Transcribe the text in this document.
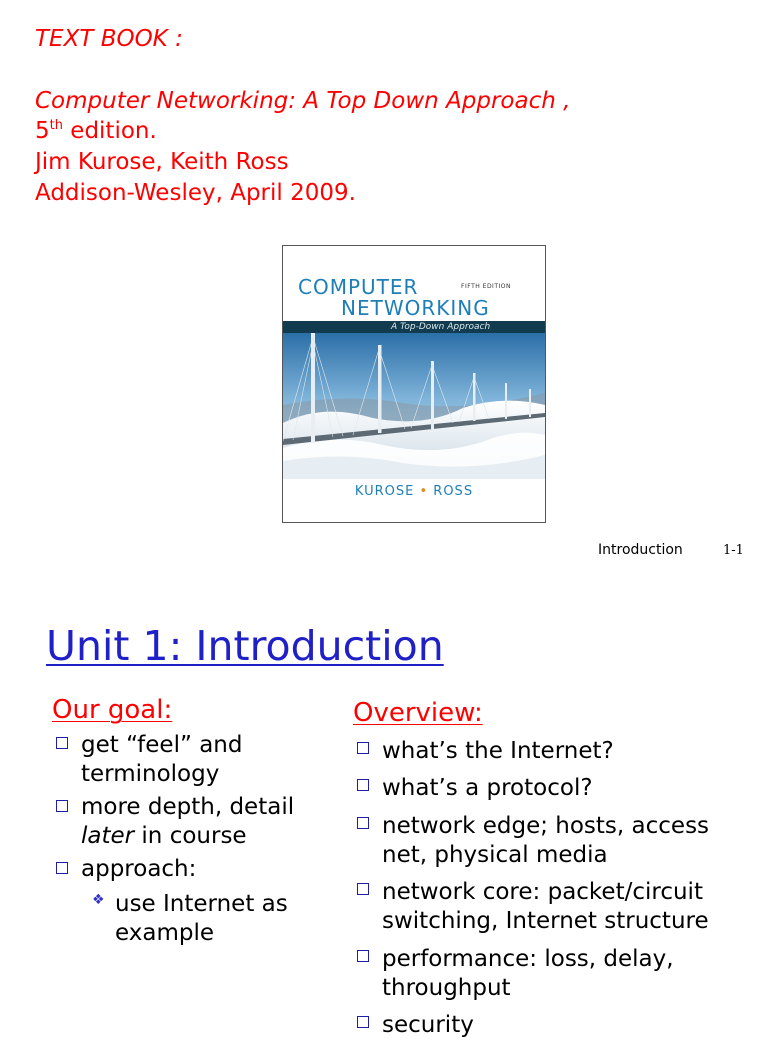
TEXT BOOK :
Computer Networking: A Top Down Approach ,
5th edition.
Jim Kurose, Keith Ross
Addison-Wesley, April 2009.
COMPUTER	FIFTH EDITION
NETWORKING
A Top-Down Approach
KUROSE • ROSS
Introduction	1-1
Unit 1: Introduction
Our goal:
get “feel” and
terminology
more depth, detail
later in course
approach:
❖ use Internet as
example
Overview:
what’s the Internet?
what’s a protocol?
network edge; hosts, access
net, physical media
network core: packet/circuit
switching, Internet structure
performance: loss, delay,
throughput
security
